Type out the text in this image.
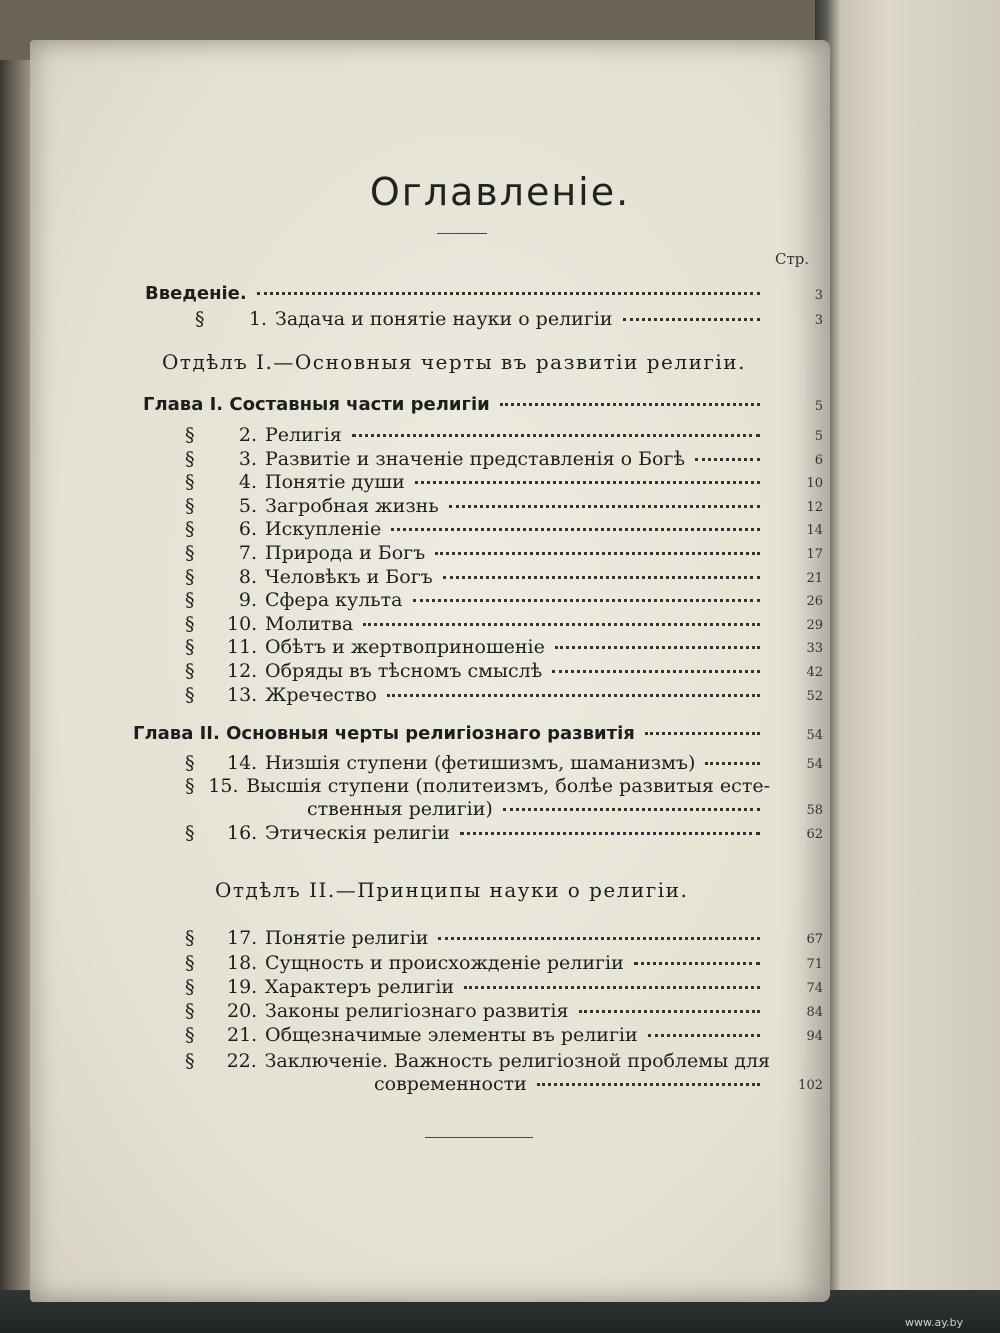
Оглавленіе.
Стр.
Введеніе.	3
§	1. Задача и понятіе науки о религіи	3
Отдѣлъ I.—Основныя черты въ развитіи религіи.
Глава I. Составныя части религіи	5
§	2. Религія	5
§	3. Развитіе и значеніе представленія о Богѣ	6
§	4. Понятіе души	10
§	5. Загробная жизнь	12
§	6. Искупленіе	14
§	7. Природа и Богъ	17
§	8. Человѣкъ и Богъ	21
§	9. Сфера культа	26
§	10. Молитва	29
§	11. Обѣтъ и жертвоприношеніе	33
§	12. Обряды въ тѣсномъ смыслѣ	42
§	13. Жречество	52
Глава II. Основныя черты религіознаго развитія	54
§	14. Низшія ступени (фетишизмъ, шаманизмъ)	54
§ 15. Высшія ступени (политеизмъ, болѣе развитыя есте-
ственныя религіи)	58
§	16. Этическія религіи	62
Отдѣлъ II.—Принципы науки о религіи.
§	17. Понятіе религіи	67
§	18. Сущность и происхожденіе религіи	71
§	19. Характеръ религіи	74
§	20. Законы религіознаго развитія	84
§	21. Общезначимые элементы въ религіи	94
§	22. Заключеніе. Важность религіозной проблемы для
современности	102
www.ay.by
